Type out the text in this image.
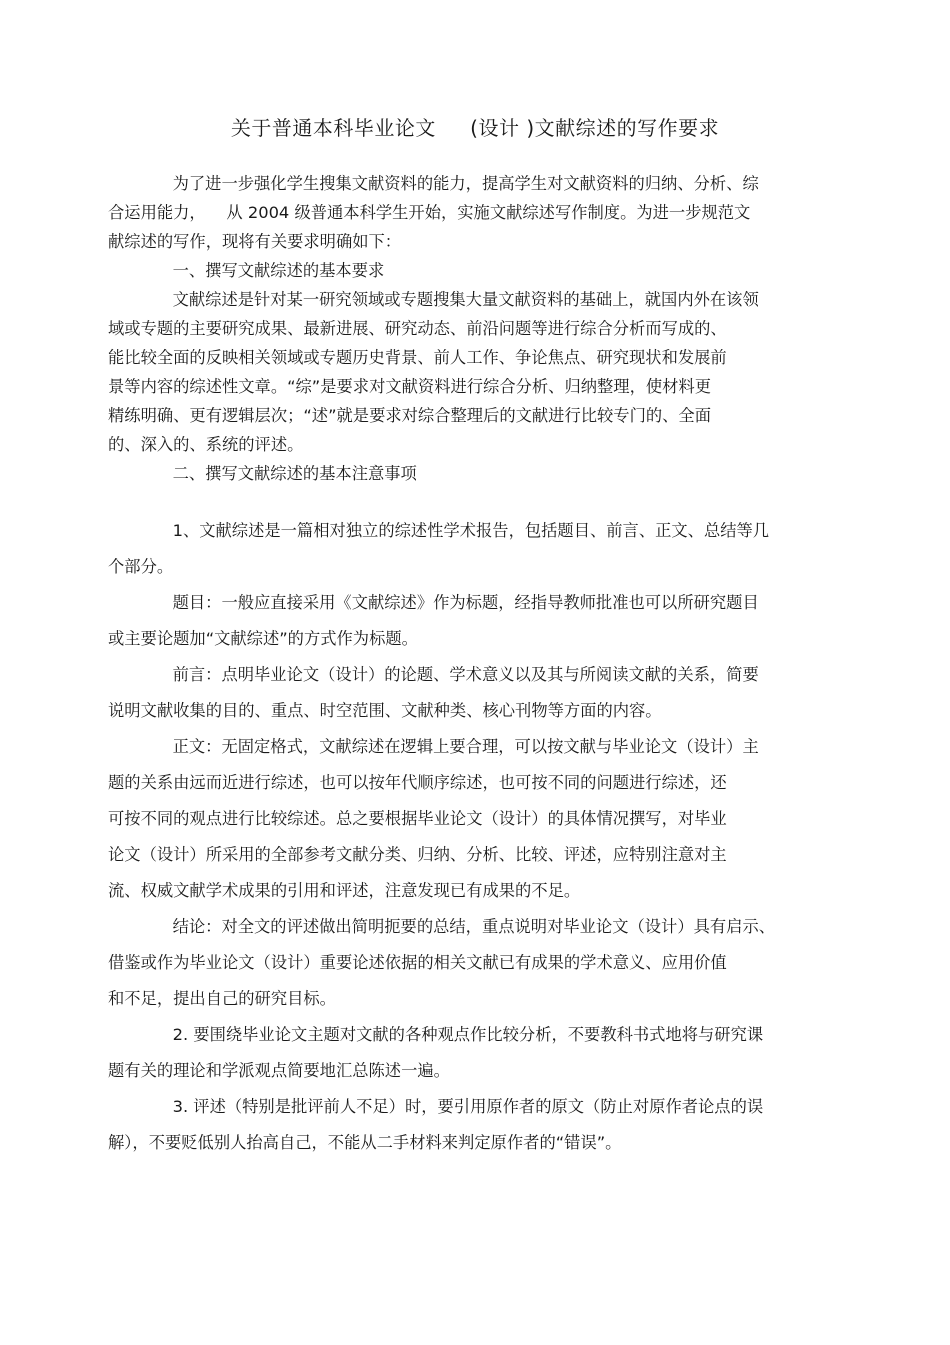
关于普通本科毕业论文     (设计 )文献综述的写作要求
为了进一步强化学生搜集文献资料的能力，提高学生对文献资料的归纳、分析、综
合运用能力，    从 2004 级普通本科学生开始，实施文献综述写作制度。为进一步规范文
献综述的写作，现将有关要求明确如下：
一、撰写文献综述的基本要求
文献综述是针对某一研究领域或专题搜集大量文献资料的基础上，就国内外在该领
域或专题的主要研究成果、最新进展、研究动态、前沿问题等进行综合分析而写成的、
能比较全面的反映相关领域或专题历史背景、前人工作、争论焦点、研究现状和发展前
景等内容的综述性文章。“综”是要求对文献资料进行综合分析、归纳整理，使材料更
精练明确、更有逻辑层次；“述”就是要求对综合整理后的文献进行比较专门的、全面
的、深入的、系统的评述。
二、撰写文献综述的基本注意事项
1、文献综述是一篇相对独立的综述性学术报告，包括题目、前言、正文、总结等几
个部分。
题目：一般应直接采用《文献综述》作为标题，经指导教师批准也可以所研究题目
或主要论题加“文献综述”的方式作为标题。
前言：点明毕业论文（设计）的论题、学术意义以及其与所阅读文献的关系，简要
说明文献收集的目的、重点、时空范围、文献种类、核心刊物等方面的内容。
正文：无固定格式，文献综述在逻辑上要合理，可以按文献与毕业论文（设计）主
题的关系由远而近进行综述，也可以按年代顺序综述，也可按不同的问题进行综述，还
可按不同的观点进行比较综述。总之要根据毕业论文（设计）的具体情况撰写，对毕业
论文（设计）所采用的全部参考文献分类、归纳、分析、比较、评述，应特别注意对主
流、权威文献学术成果的引用和评述，注意发现已有成果的不足。
结论：对全文的评述做出简明扼要的总结，重点说明对毕业论文（设计）具有启示、
借鉴或作为毕业论文（设计）重要论述依据的相关文献已有成果的学术意义、应用价值
和不足，提出自己的研究目标。
2. 要围绕毕业论文主题对文献的各种观点作比较分析，不要教科书式地将与研究课
题有关的理论和学派观点简要地汇总陈述一遍。
3. 评述（特别是批评前人不足）时，要引用原作者的原文（防止对原作者论点的误
解），不要贬低别人抬高自己，不能从二手材料来判定原作者的“错误”。
